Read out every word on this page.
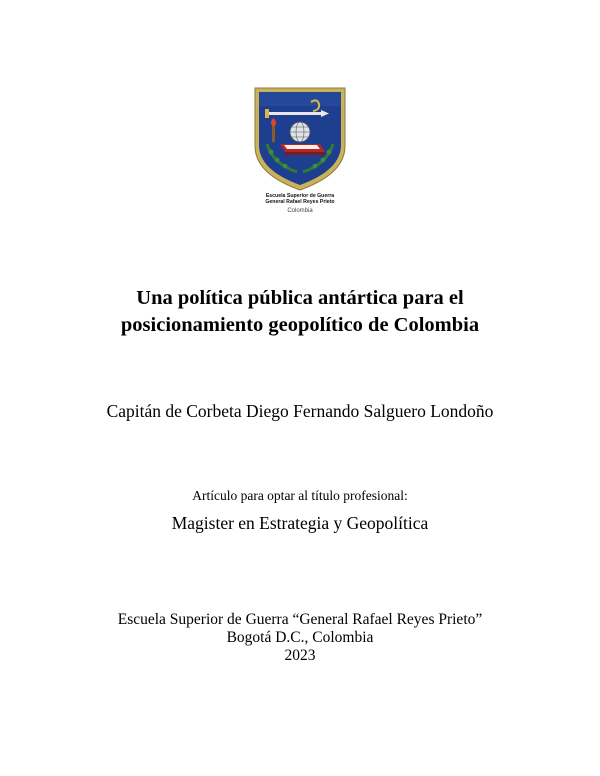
Escuela Superior de Guerra
General Rafael Reyes Prieto
Colombia
Una política pública antártica para el
posicionamiento geopolítico de Colombia
Capitán de Corbeta Diego Fernando Salguero Londoño
Artículo para optar al título profesional:
Magister en Estrategia y Geopolítica
Escuela Superior de Guerra “General Rafael Reyes Prieto”
Bogotá D.C., Colombia
2023
